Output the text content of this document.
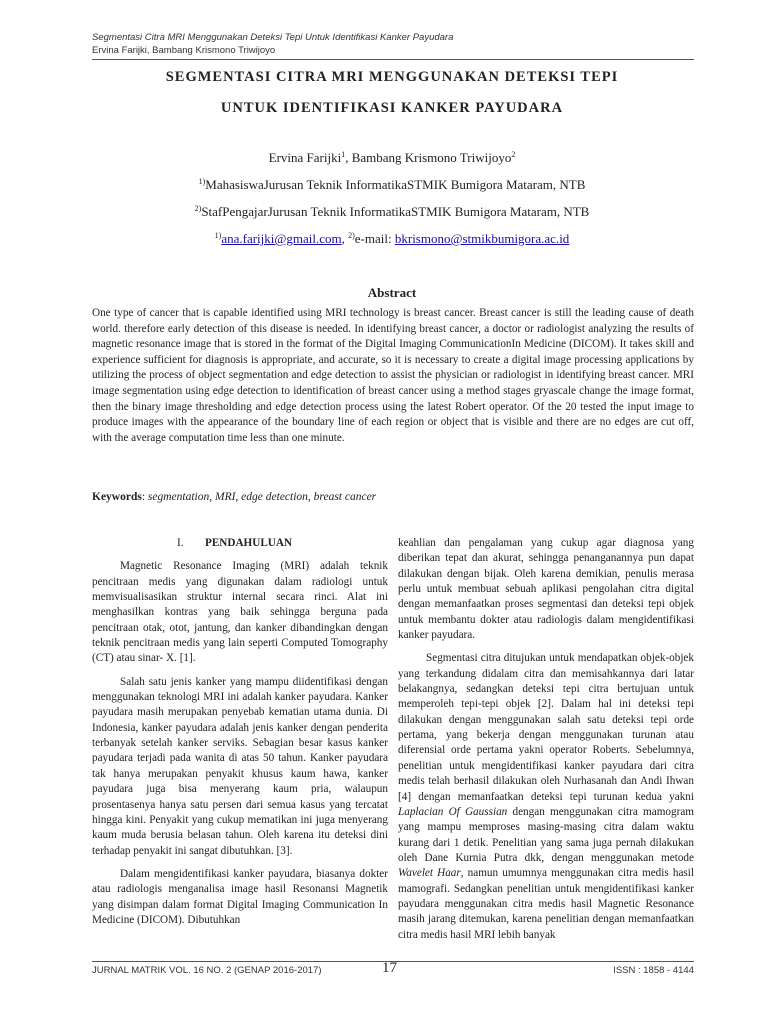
Segmentasi Citra MRI Menggunakan Deteksi Tepi Untuk Identifikasi Kanker Payudara
Ervina Farijki, Bambang Krismono Triwijoyo
SEGMENTASI CITRA MRI MENGGUNAKAN DETEKSI TEPI
UNTUK IDENTIFIKASI KANKER PAYUDARA
Ervina Farijki$^1$, Bambang Krismono Triwijoyo$^2$
$^{1)}$MahasiswaJurusan Teknik InformatikaSTMIK Bumigora Mataram, NTB
$^{2)}$StafPengajarJurusan Teknik InformatikaSTMIK Bumigora Mataram, NTB
$^{1)}$ana.farijki@gmail.com, $^{2)}$e-mail: bkrismono@stmikbumigora.ac.id
Abstract
One type of cancer that is capable identified using MRI technology is breast cancer. Breast cancer is still the leading cause of death world. therefore early detection of this disease is needed. In identifying breast cancer, a doctor or radiologist analyzing the results of magnetic resonance image that is stored in the format of the Digital Imaging CommunicationIn Medicine (DICOM). It takes skill and experience sufficient for diagnosis is appropriate, and accurate, so it is necessary to create a digital image processing applications by utilizing the process of object segmentation and edge detection to assist the physician or radiologist in identifying breast cancer. MRI image segmentation using edge detection to identification of breast cancer using a method stages gryascale change the image format, then the binary image thresholding and edge detection process using the latest Robert operator. Of the 20 tested the input image to produce images with the appearance of the boundary line of each region or object that is visible and there are no edges are cut off, with the average computation time less than one minute.
Keywords: segmentation, MRI, edge detection, breast cancer
I. PENDAHULUAN

Magnetic Resonance Imaging (MRI) adalah teknik pencitraan medis yang digunakan dalam radiologi untuk memvisualisasikan struktur internal secara rinci. Alat ini menghasilkan kontras yang baik sehingga berguna pada pencitraan otak, otot, jantung, dan kanker dibandingkan dengan teknik pencitraan medis yang lain seperti Computed Tomography (CT) atau sinar- X. [1].

Salah satu jenis kanker yang mampu diidentifikasi dengan menggunakan teknologi MRI ini adalah kanker payudara. Kanker payudara masih merupakan penyebab kematian utama dunia. Di Indonesia, kanker payudara adalah jenis kanker dengan penderita terbanyak setelah kanker serviks. Sebagian besar kasus kanker payudara terjadi pada wanita di atas 50 tahun. Kanker payudara tak hanya merupakan penyakit khusus kaum hawa, kanker payudara juga bisa menyerang kaum pria, walaupun prosentasenya hanya satu persen dari semua kasus yang tercatat hingga kini. Penyakit yang cukup mematikan ini juga menyerang kaum muda berusia belasan tahun. Oleh karena itu deteksi dini terhadap penyakit ini sangat dibutuhkan. [3].

Dalam mengidentifikasi kanker payudara, biasanya dokter atau radiologis menganalisa image hasil Resonansi Magnetik yang disimpan dalam format Digital Imaging Communication In Medicine (DICOM). Dibutuhkan

keahlian dan pengalaman yang cukup agar diagnosa yang diberikan tepat dan akurat, sehingga penanganannya pun dapat dilakukan dengan bijak. Oleh karena demikian, penulis merasa perlu untuk membuat sebuah aplikasi pengolahan citra digital dengan memanfaatkan proses segmentasi dan deteksi tepi objek untuk membantu dokter atau radiologis dalam mengidentifikasi kanker payudara.

Segmentasi citra ditujukan untuk mendapatkan objek-objek yang terkandung didalam citra dan memisahkannya dari latar belakangnya, sedangkan deteksi tepi citra bertujuan untuk memperoleh tepi-tepi objek [2]. Dalam hal ini deteksi tepi dilakukan dengan menggunakan salah satu deteksi tepi orde pertama, yang bekerja dengan menggunakan turunan atau diferensial orde pertama yakni operator Roberts. Sebelumnya, penelitian untuk mengidentifikasi kanker payudara dari citra medis telah berhasil dilakukan oleh Nurhasanah dan Andi Ihwan [4] dengan memanfaatkan deteksi tepi turunan kedua yakni Laplacian Of Gaussian dengan menggunakan citra mamogram yang mampu memproses masing-masing citra dalam waktu kurang dari 1 detik. Penelitian yang sama juga pernah dilakukan oleh Dane Kurnia Putra dkk, dengan menggunakan metode Wavelet Haar, namun umumnya menggunakan citra medis hasil mamografi. Sedangkan penelitian untuk mengidentifikasi kanker payudara menggunakan citra medis hasil Magnetic Resonance masih jarang ditemukan, karena penelitian dengan memanfaatkan citra medis hasil MRI lebih banyak

JURNAL MATRIK VOL. 16 NO. 2 (GENAP 2016-2017)	17	ISSN : 1858 - 4144
